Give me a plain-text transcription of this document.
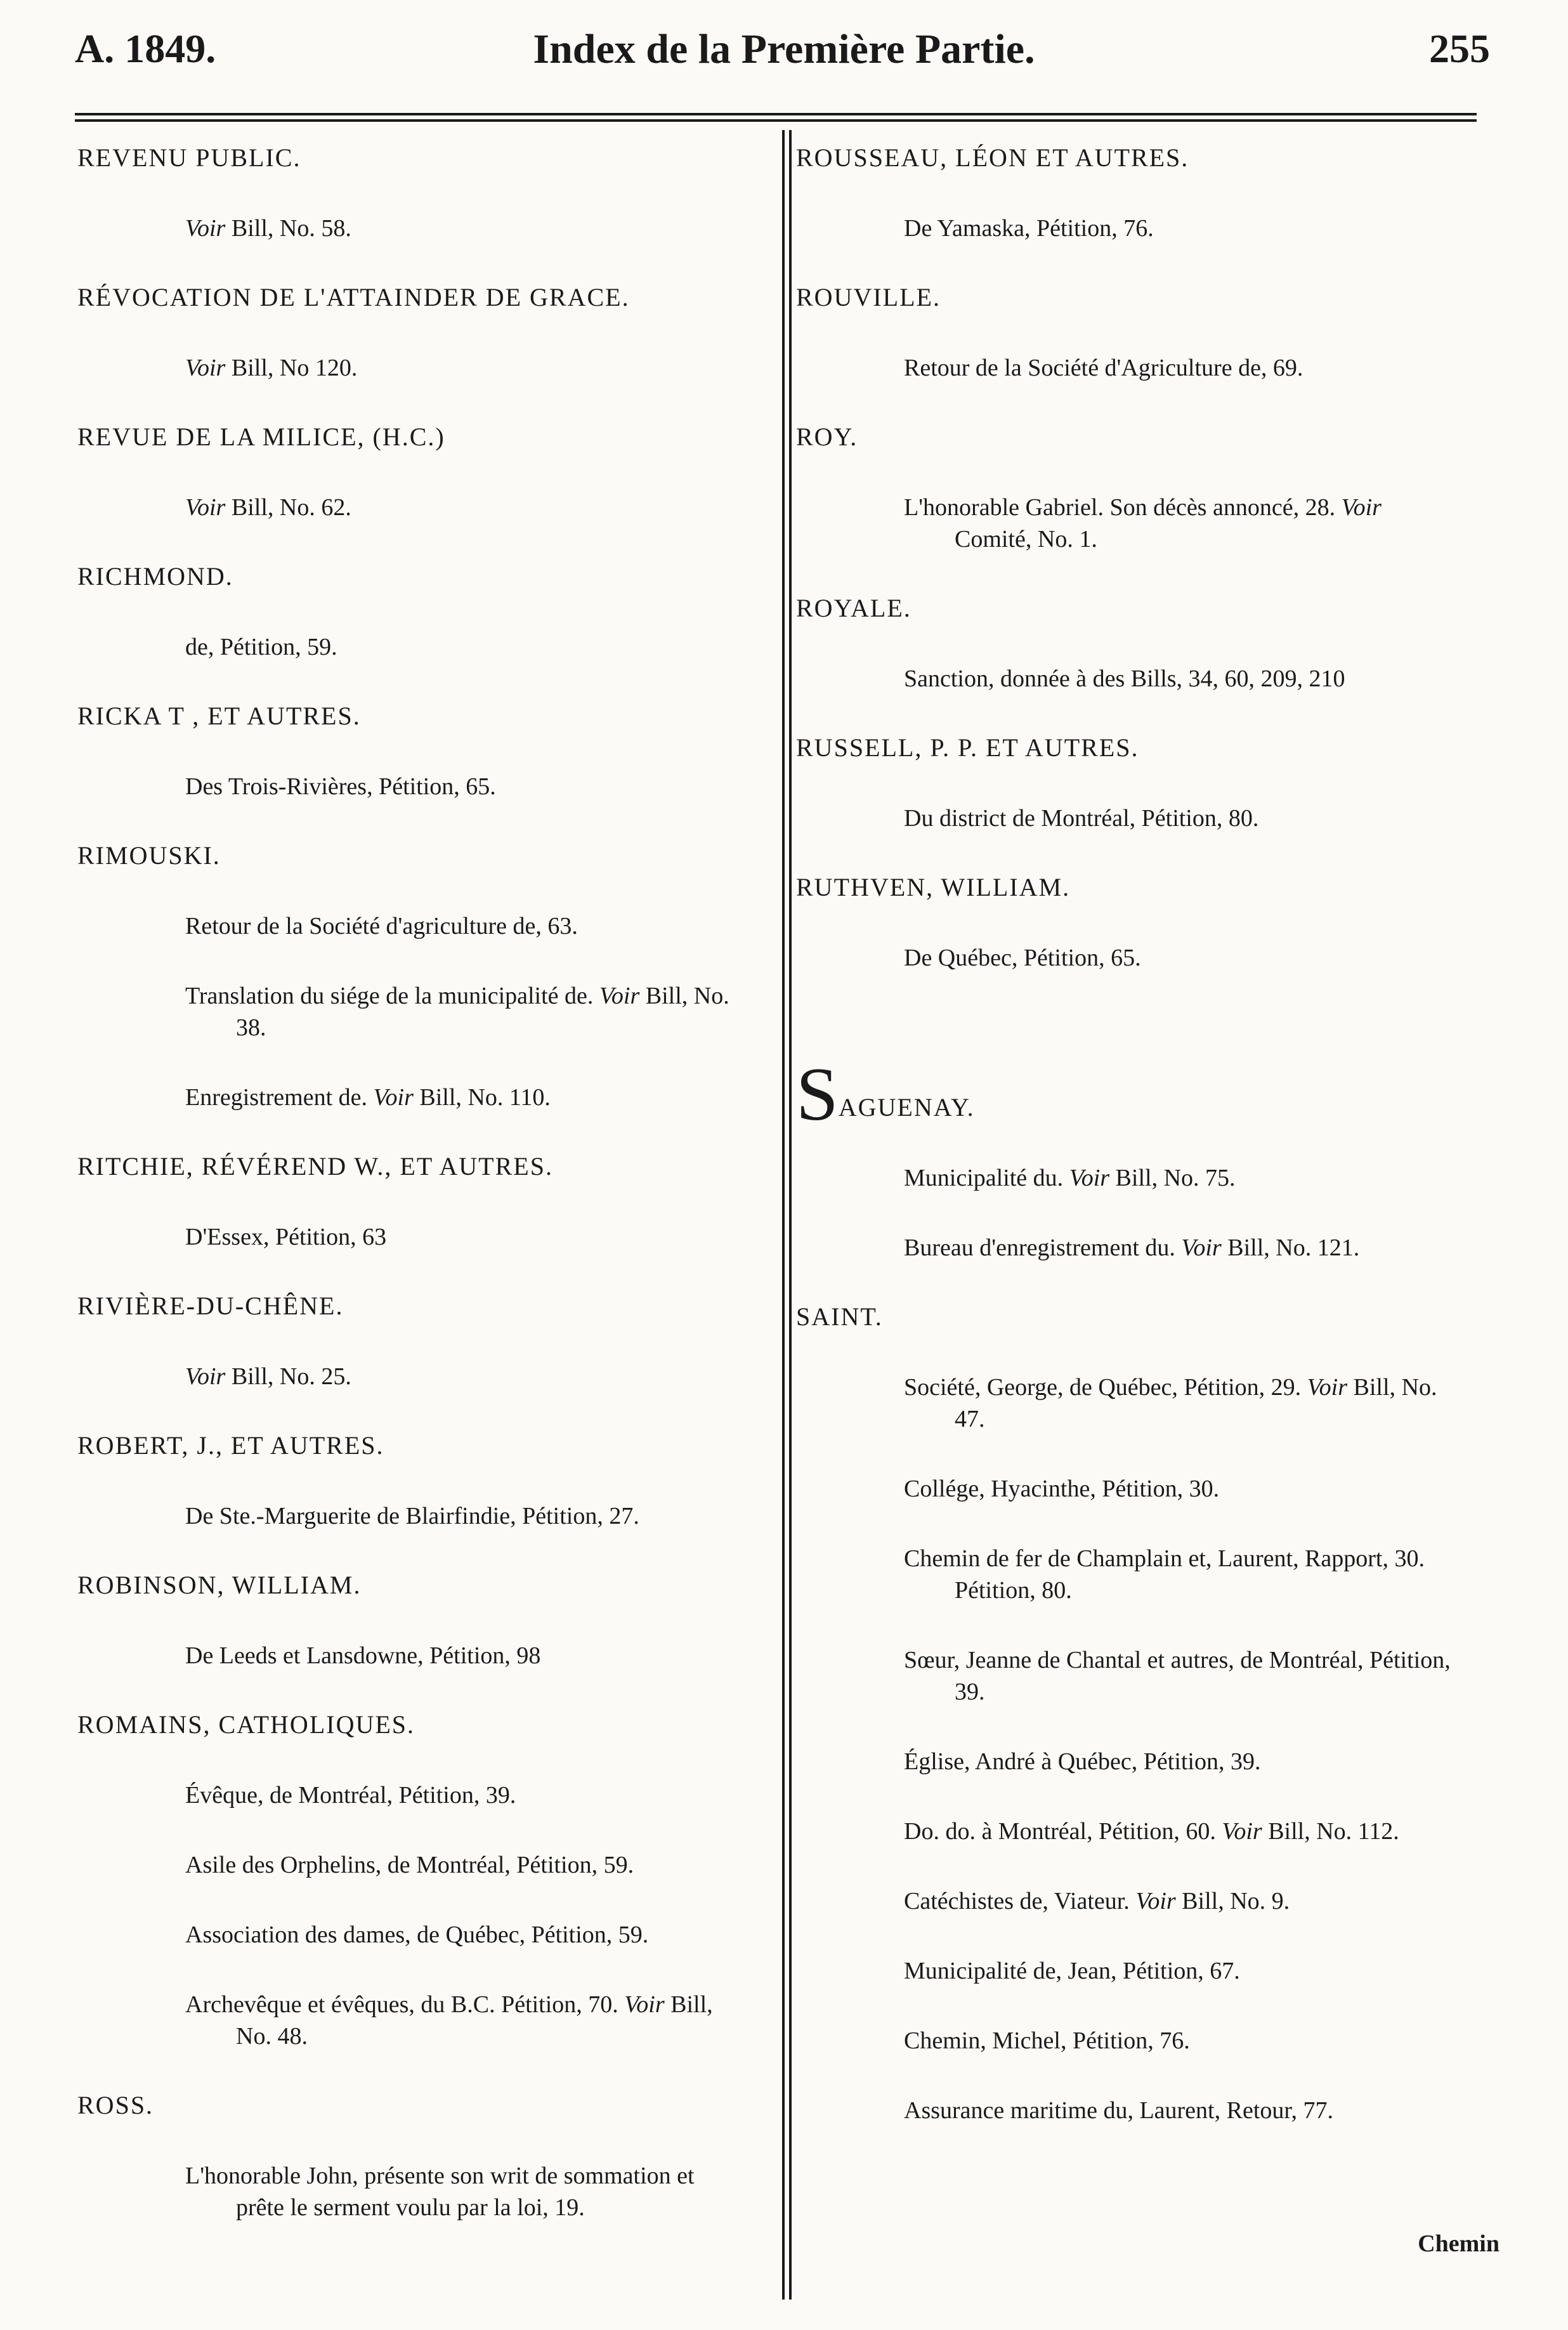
A. 1849.	Index de la Première Partie.	255
REVENU PUBLIC.
Voir Bill, No. 58.
RÉVOCATION DE L'ATTAINDER DE GRACE.
Voir Bill, No 120.
REVUE DE LA MILICE, (H.C.)
Voir Bill, No. 62.
RICHMOND.
de, Pétition, 59.
RICKA T , ET AUTRES.
Des Trois-Rivières, Pétition, 65.
RIMOUSKI.
Retour de la Société d'agriculture de, 63.
Translation du siége de la municipalité de. Voir Bill, No. 38.
Enregistrement de. Voir Bill, No. 110.
RITCHIE, RÉVÉREND W., ET AUTRES.
D'Essex, Pétition, 63
RIVIÈRE-DU-CHÊNE.
Voir Bill, No. 25.
ROBERT, J., ET AUTRES.
De Ste.-Marguerite de Blairfindie, Pétition, 27.
ROBINSON, WILLIAM.
De Leeds et Lansdowne, Pétition, 98
ROMAINS, CATHOLIQUES.
Évêque, de Montréal, Pétition, 39.
Asile des Orphelins, de Montréal, Pétition, 59.
Association des dames, de Québec, Pétition, 59.
Archevêque et évêques, du B.C. Pétition, 70. Voir Bill, No. 48.
ROSS.
L'honorable John, présente son writ de sommation et prête le serment voulu par la loi, 19.
ROUSSEAU, LÉON ET AUTRES.
De Yamaska, Pétition, 76.
ROUVILLE.
Retour de la Société d'Agriculture de, 69.
ROY.
L'honorable Gabriel. Son décès annoncé, 28. Voir Comité, No. 1.
ROYALE.
Sanction, donnée à des Bills, 34, 60, 209, 210
RUSSELL, P. P. ET AUTRES.
Du district de Montréal, Pétition, 80.
RUTHVEN, WILLIAM.
De Québec, Pétition, 65.
SAGUENAY.
Municipalité du. Voir Bill, No. 75.
Bureau d'enregistrement du. Voir Bill, No. 121.
SAINT.
Société, George, de Québec, Pétition, 29. Voir Bill, No. 47.
Collége, Hyacinthe, Pétition, 30.
Chemin de fer de Champlain et, Laurent, Rapport, 30. Pétition, 80.
Sœur, Jeanne de Chantal et autres, de Montréal, Pétition, 39.
Église, André à Québec, Pétition, 39.
Do. do. à Montréal, Pétition, 60. Voir Bill, No. 112.
Catéchistes de, Viateur. Voir Bill, No. 9.
Municipalité de, Jean, Pétition, 67.
Chemin, Michel, Pétition, 76.
Assurance maritime du, Laurent, Retour, 77.
Chemin
